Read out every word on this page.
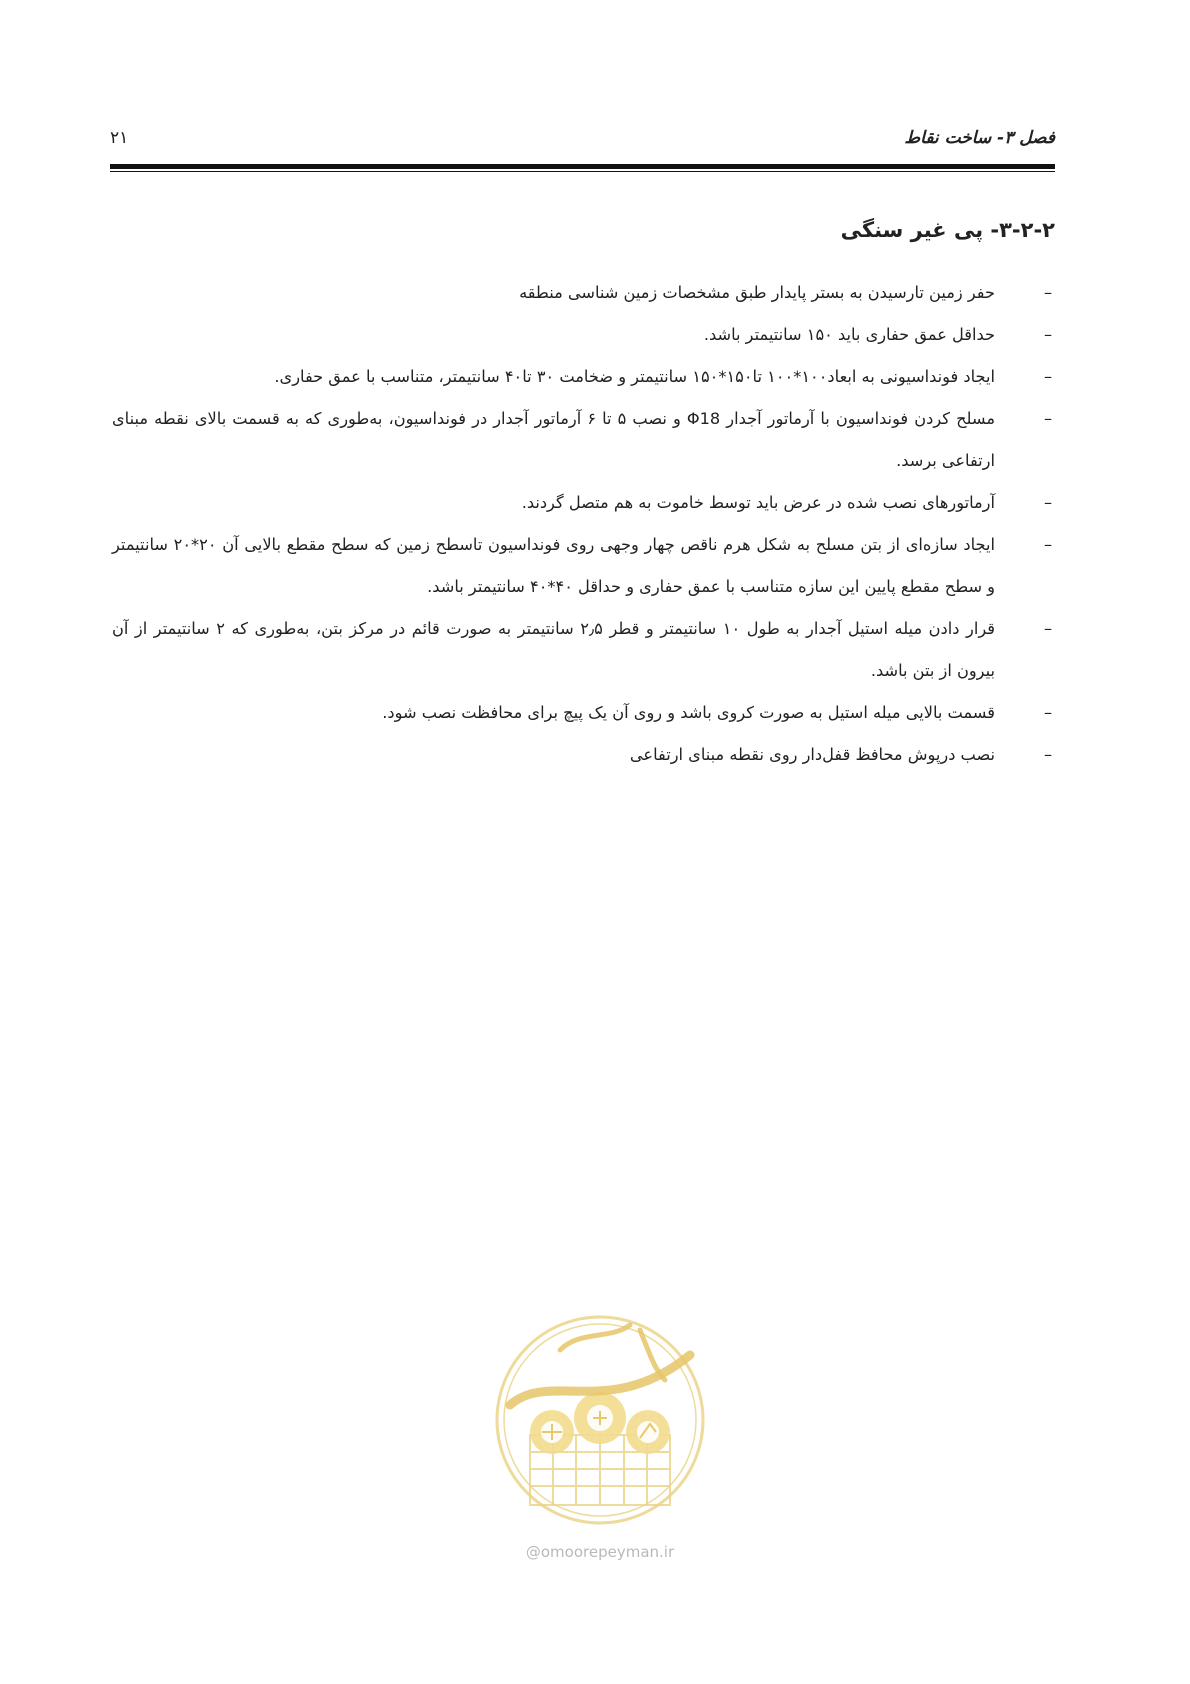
فصل ۳- ساخت نقاط
۲۱
۳-۲-۲- پی غیر سنگی
–
حفر زمین تارسیدن به بستر پایدار طبق مشخصات زمین شناسی منطقه
–
حداقل عمق حفاری باید ۱۵۰ سانتیمتر باشد.
–
ایجاد فونداسیونی به ابعاد۱۰۰*۱۰۰ تا۱۵۰*۱۵۰ سانتیمتر و ضخامت ۳۰ تا۴۰ سانتیمتر، متناسب با عمق حفاری.
–
مسلح کردن فونداسیون با آرماتور آجدار Φ18 و نصب ۵ تا ۶ آرماتور آجدار در فونداسیون، به‌طوری که به قسمت بالای نقطه مبنای ارتفاعی برسد.
–
آرماتورهای نصب شده در عرض باید توسط خاموت به هم متصل گردند.
–
ایجاد سازه‌ای از بتن مسلح به شکل هرم ناقص چهار وجهی روی فونداسیون تاسطح زمین که سطح مقطع بالایی آن ۲۰*۲۰ سانتیمتر و سطح مقطع پایین این سازه متناسب با عمق حفاری و حداقل ۴۰*۴۰ سانتیمتر باشد.
–
قرار دادن میله استیل آجدار به طول ۱۰ سانتیمتر و قطر ۲٫۵ سانتیمتر به صورت قائم در مرکز بتن، به‌طوری که ۲ سانتیمتر از آن بیرون از بتن باشد.
–
قسمت بالایی میله استیل به صورت کروی باشد و روی آن یک پیچ برای محافظت نصب شود.
–
نصب درپوش محافظ قفل‌دار روی نقطه مبنای ارتفاعی
@omoorepeyman.ir
